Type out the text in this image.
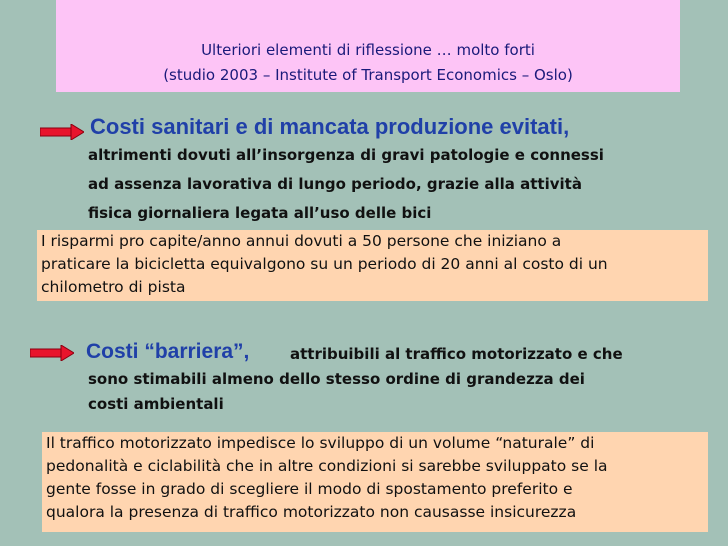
Ulteriori elementi di riflessione … molto forti
(studio 2003 – Institute of Transport Economics – Oslo)
Costi sanitari e di mancata produzione evitati,
altrimenti dovuti all’insorgenza di gravi patologie e connessi
ad assenza lavorativa di lungo periodo, grazie alla attività
fisica giornaliera legata all’uso delle bici
I risparmi pro capite/anno annui dovuti a 50 persone che iniziano a
praticare la bicicletta equivalgono su un periodo di 20 anni al costo di un
chilometro di pista
Costi “barriera”,	attribuibili al traffico motorizzato e che
sono stimabili almeno dello stesso ordine di grandezza dei
costi ambientali
Il traffico motorizzato impedisce lo sviluppo di un volume “naturale” di
pedonalità e ciclabilità che in altre condizioni si sarebbe sviluppato se la
gente fosse in grado di scegliere il modo di spostamento preferito e
qualora la presenza di traffico motorizzato non causasse insicurezza
